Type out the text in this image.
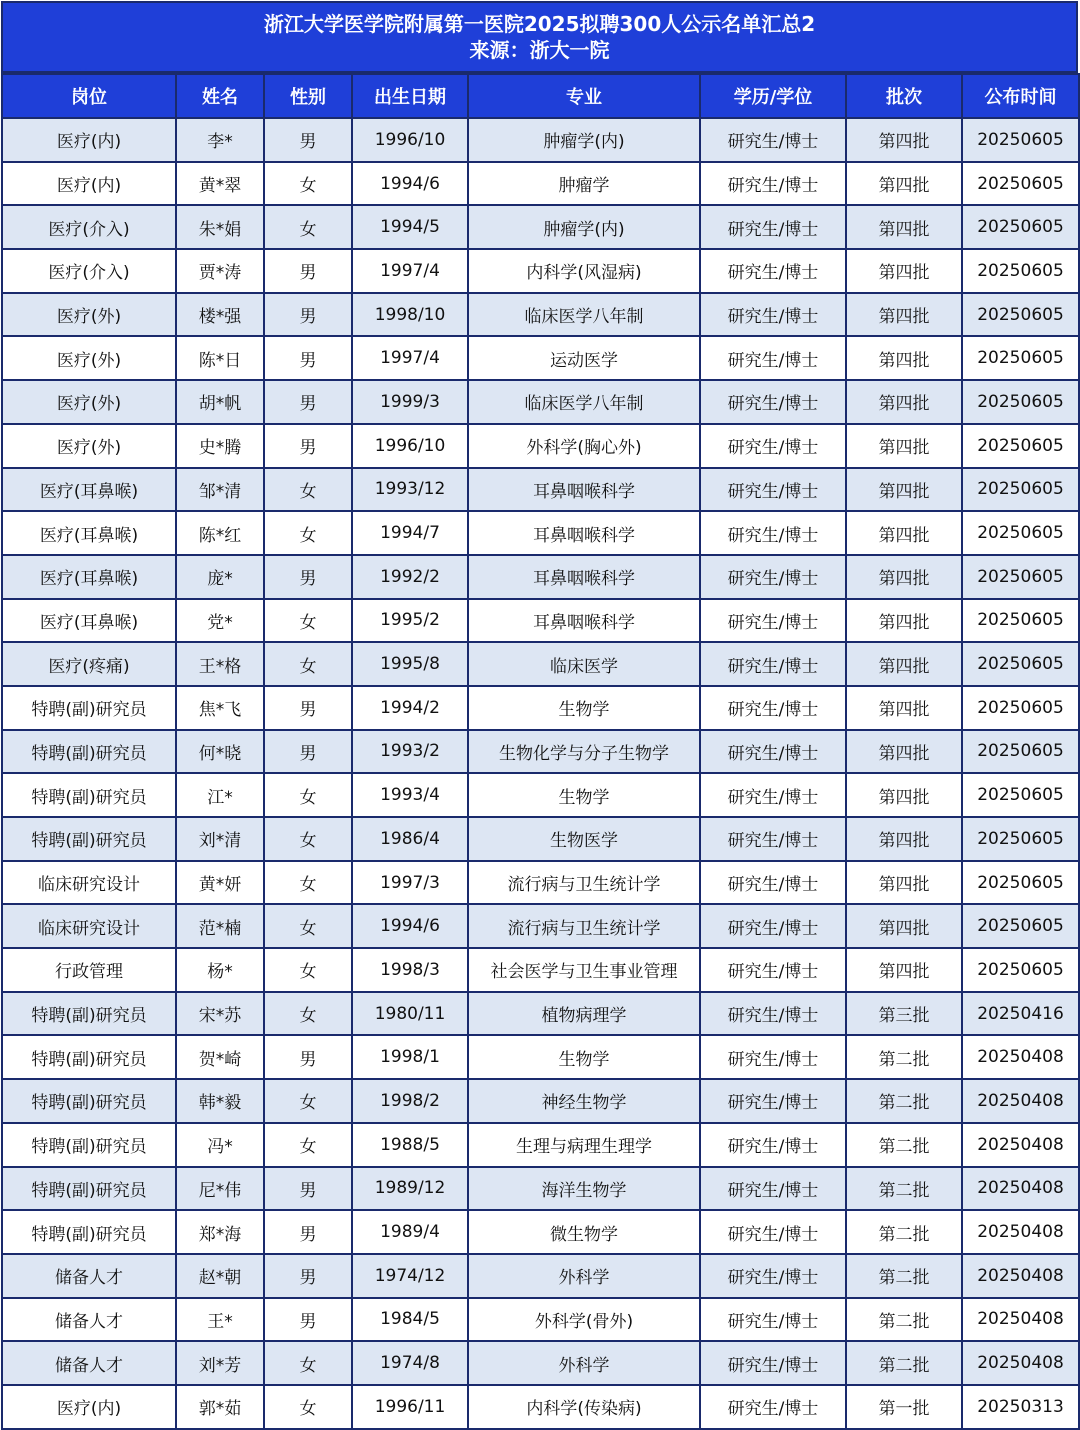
浙江大学医学院附属第一医院2025拟聘300人公示名单汇总2
来源：浙大一院
岗位	姓名	性别	出生日期	专业	学历/学位	批次	公布时间
医疗(内)	李*	男	1996/10	肿瘤学(内)	研究生/博士	第四批	20250605
医疗(内)	黄*翠	女	1994/6	肿瘤学	研究生/博士	第四批	20250605
医疗(介入)	朱*娟	女	1994/5	肿瘤学(内)	研究生/博士	第四批	20250605
医疗(介入)	贾*涛	男	1997/4	内科学(风湿病)	研究生/博士	第四批	20250605
医疗(外)	楼*强	男	1998/10	临床医学八年制	研究生/博士	第四批	20250605
医疗(外)	陈*日	男	1997/4	运动医学	研究生/博士	第四批	20250605
医疗(外)	胡*帆	男	1999/3	临床医学八年制	研究生/博士	第四批	20250605
医疗(外)	史*腾	男	1996/10	外科学(胸心外)	研究生/博士	第四批	20250605
医疗(耳鼻喉)	邹*清	女	1993/12	耳鼻咽喉科学	研究生/博士	第四批	20250605
医疗(耳鼻喉)	陈*红	女	1994/7	耳鼻咽喉科学	研究生/博士	第四批	20250605
医疗(耳鼻喉)	庞*	男	1992/2	耳鼻咽喉科学	研究生/博士	第四批	20250605
医疗(耳鼻喉)	党*	女	1995/2	耳鼻咽喉科学	研究生/博士	第四批	20250605
医疗(疼痛)	王*格	女	1995/8	临床医学	研究生/博士	第四批	20250605
特聘(副)研究员	焦*飞	男	1994/2	生物学	研究生/博士	第四批	20250605
特聘(副)研究员	何*晓	男	1993/2	生物化学与分子生物学	研究生/博士	第四批	20250605
特聘(副)研究员	江*	女	1993/4	生物学	研究生/博士	第四批	20250605
特聘(副)研究员	刘*清	女	1986/4	生物医学	研究生/博士	第四批	20250605
临床研究设计	黄*妍	女	1997/3	流行病与卫生统计学	研究生/博士	第四批	20250605
临床研究设计	范*楠	女	1994/6	流行病与卫生统计学	研究生/博士	第四批	20250605
行政管理	杨*	女	1998/3	社会医学与卫生事业管理	研究生/博士	第四批	20250605
特聘(副)研究员	宋*苏	女	1980/11	植物病理学	研究生/博士	第三批	20250416
特聘(副)研究员	贺*崎	男	1998/1	生物学	研究生/博士	第二批	20250408
特聘(副)研究员	韩*毅	女	1998/2	神经生物学	研究生/博士	第二批	20250408
特聘(副)研究员	冯*	女	1988/5	生理与病理生理学	研究生/博士	第二批	20250408
特聘(副)研究员	尼*伟	男	1989/12	海洋生物学	研究生/博士	第二批	20250408
特聘(副)研究员	郑*海	男	1989/4	微生物学	研究生/博士	第二批	20250408
储备人才	赵*朝	男	1974/12	外科学	研究生/博士	第二批	20250408
储备人才	王*	男	1984/5	外科学(骨外)	研究生/博士	第二批	20250408
储备人才	刘*芳	女	1974/8	外科学	研究生/博士	第二批	20250408
医疗(内)	郭*茹	女	1996/11	内科学(传染病)	研究生/博士	第一批	20250313
